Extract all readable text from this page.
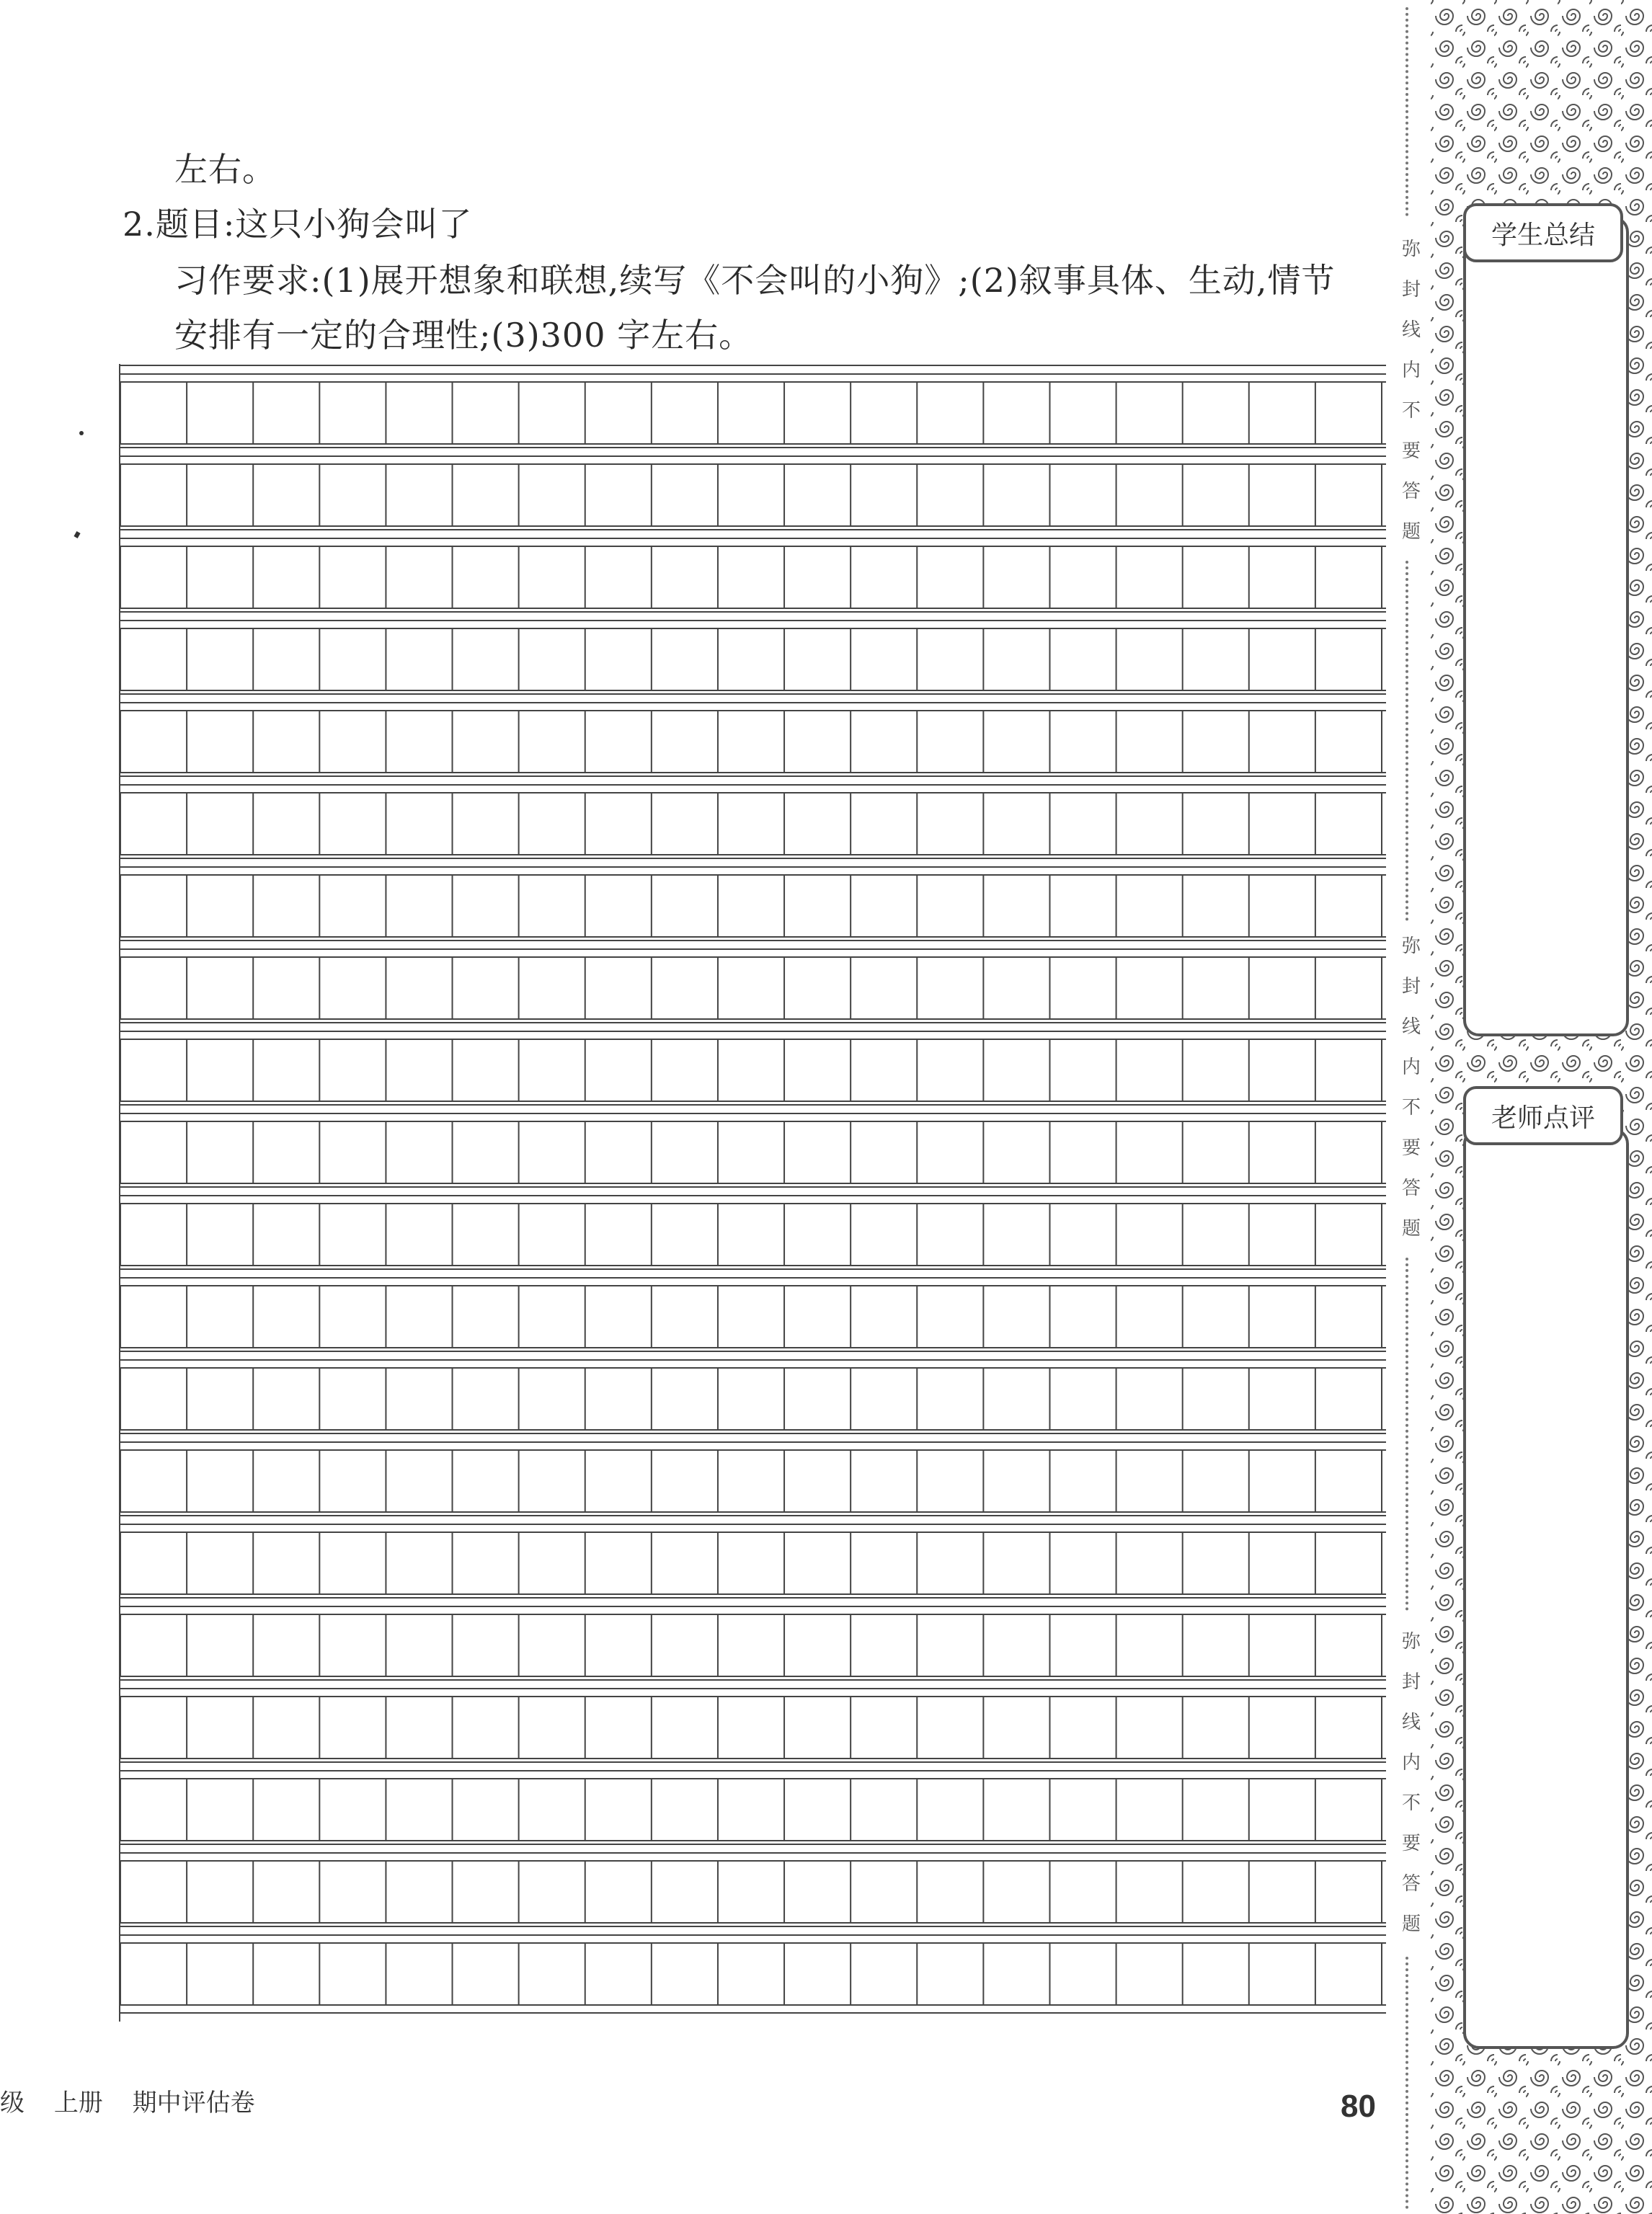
左右。
2.题目:这只小狗会叫了
习作要求:(1)展开想象和联想,续写《不会叫的小狗》;(2)叙事具体、生动,情节
安排有一定的合理性;(3)300 字左右。
弥
封
线
内
不
要
答
题
弥
封
线
内
不
要
答
题
弥
封
线
内
不
要
答
题
学生总结
老师点评
级 上册 期中评估卷	80
